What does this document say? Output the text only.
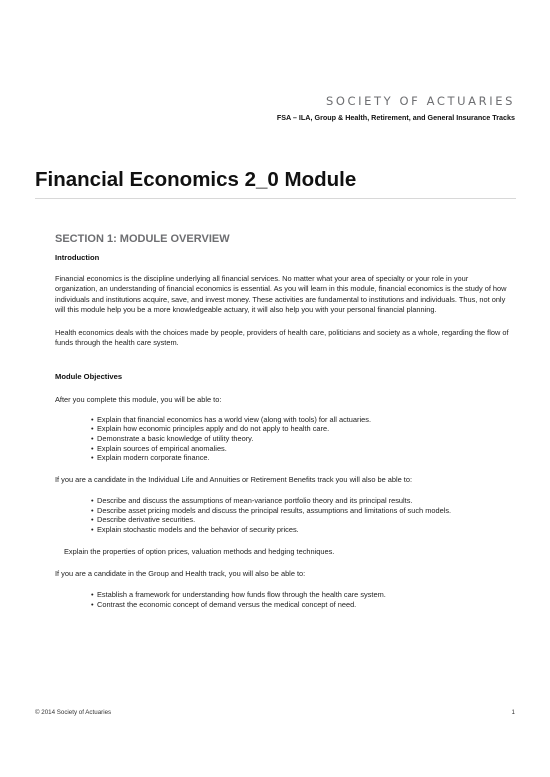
SOCIETY OF ACTUARIES
FSA – ILA, Group & Health, Retirement, and General Insurance Tracks
Financial Economics 2_0 Module
SECTION 1: MODULE OVERVIEW
Introduction

Financial economics is the discipline underlying all financial services. No matter what your area of specialty or your role in your organization, an understanding of financial economics is essential. As you will learn in this module, financial economics is the study of how individuals and institutions acquire, save, and invest money. These activities are fundamental to institutions and individuals. Thus, not only will this module help you be a more knowledgeable actuary, it will also help you with your personal financial planning.

Health economics deals with the choices made by people, providers of health care, politicians and society as a whole, regarding the flow of funds through the health care system.

Module Objectives

After you complete this module, you will be able to:

• Explain that financial economics has a world view (along with tools) for all actuaries.
• Explain how economic principles apply and do not apply to health care.
• Demonstrate a basic knowledge of utility theory.
• Explain sources of empirical anomalies.
• Explain modern corporate finance.

If you are a candidate in the Individual Life and Annuities or Retirement Benefits track you will also be able to:

• Describe and discuss the assumptions of mean-variance portfolio theory and its principal results.
• Describe asset pricing models and discuss the principal results, assumptions and limitations of such models.
• Describe derivative securities.
• Explain stochastic models and the behavior of security prices.

Explain the properties of option prices, valuation methods and hedging techniques.

If you are a candidate in the Group and Health track, you will also be able to:

• Establish a framework for understanding how funds flow through the health care system.
• Contrast the economic concept of demand versus the medical concept of need.
© 2014 Society of Actuaries	1
